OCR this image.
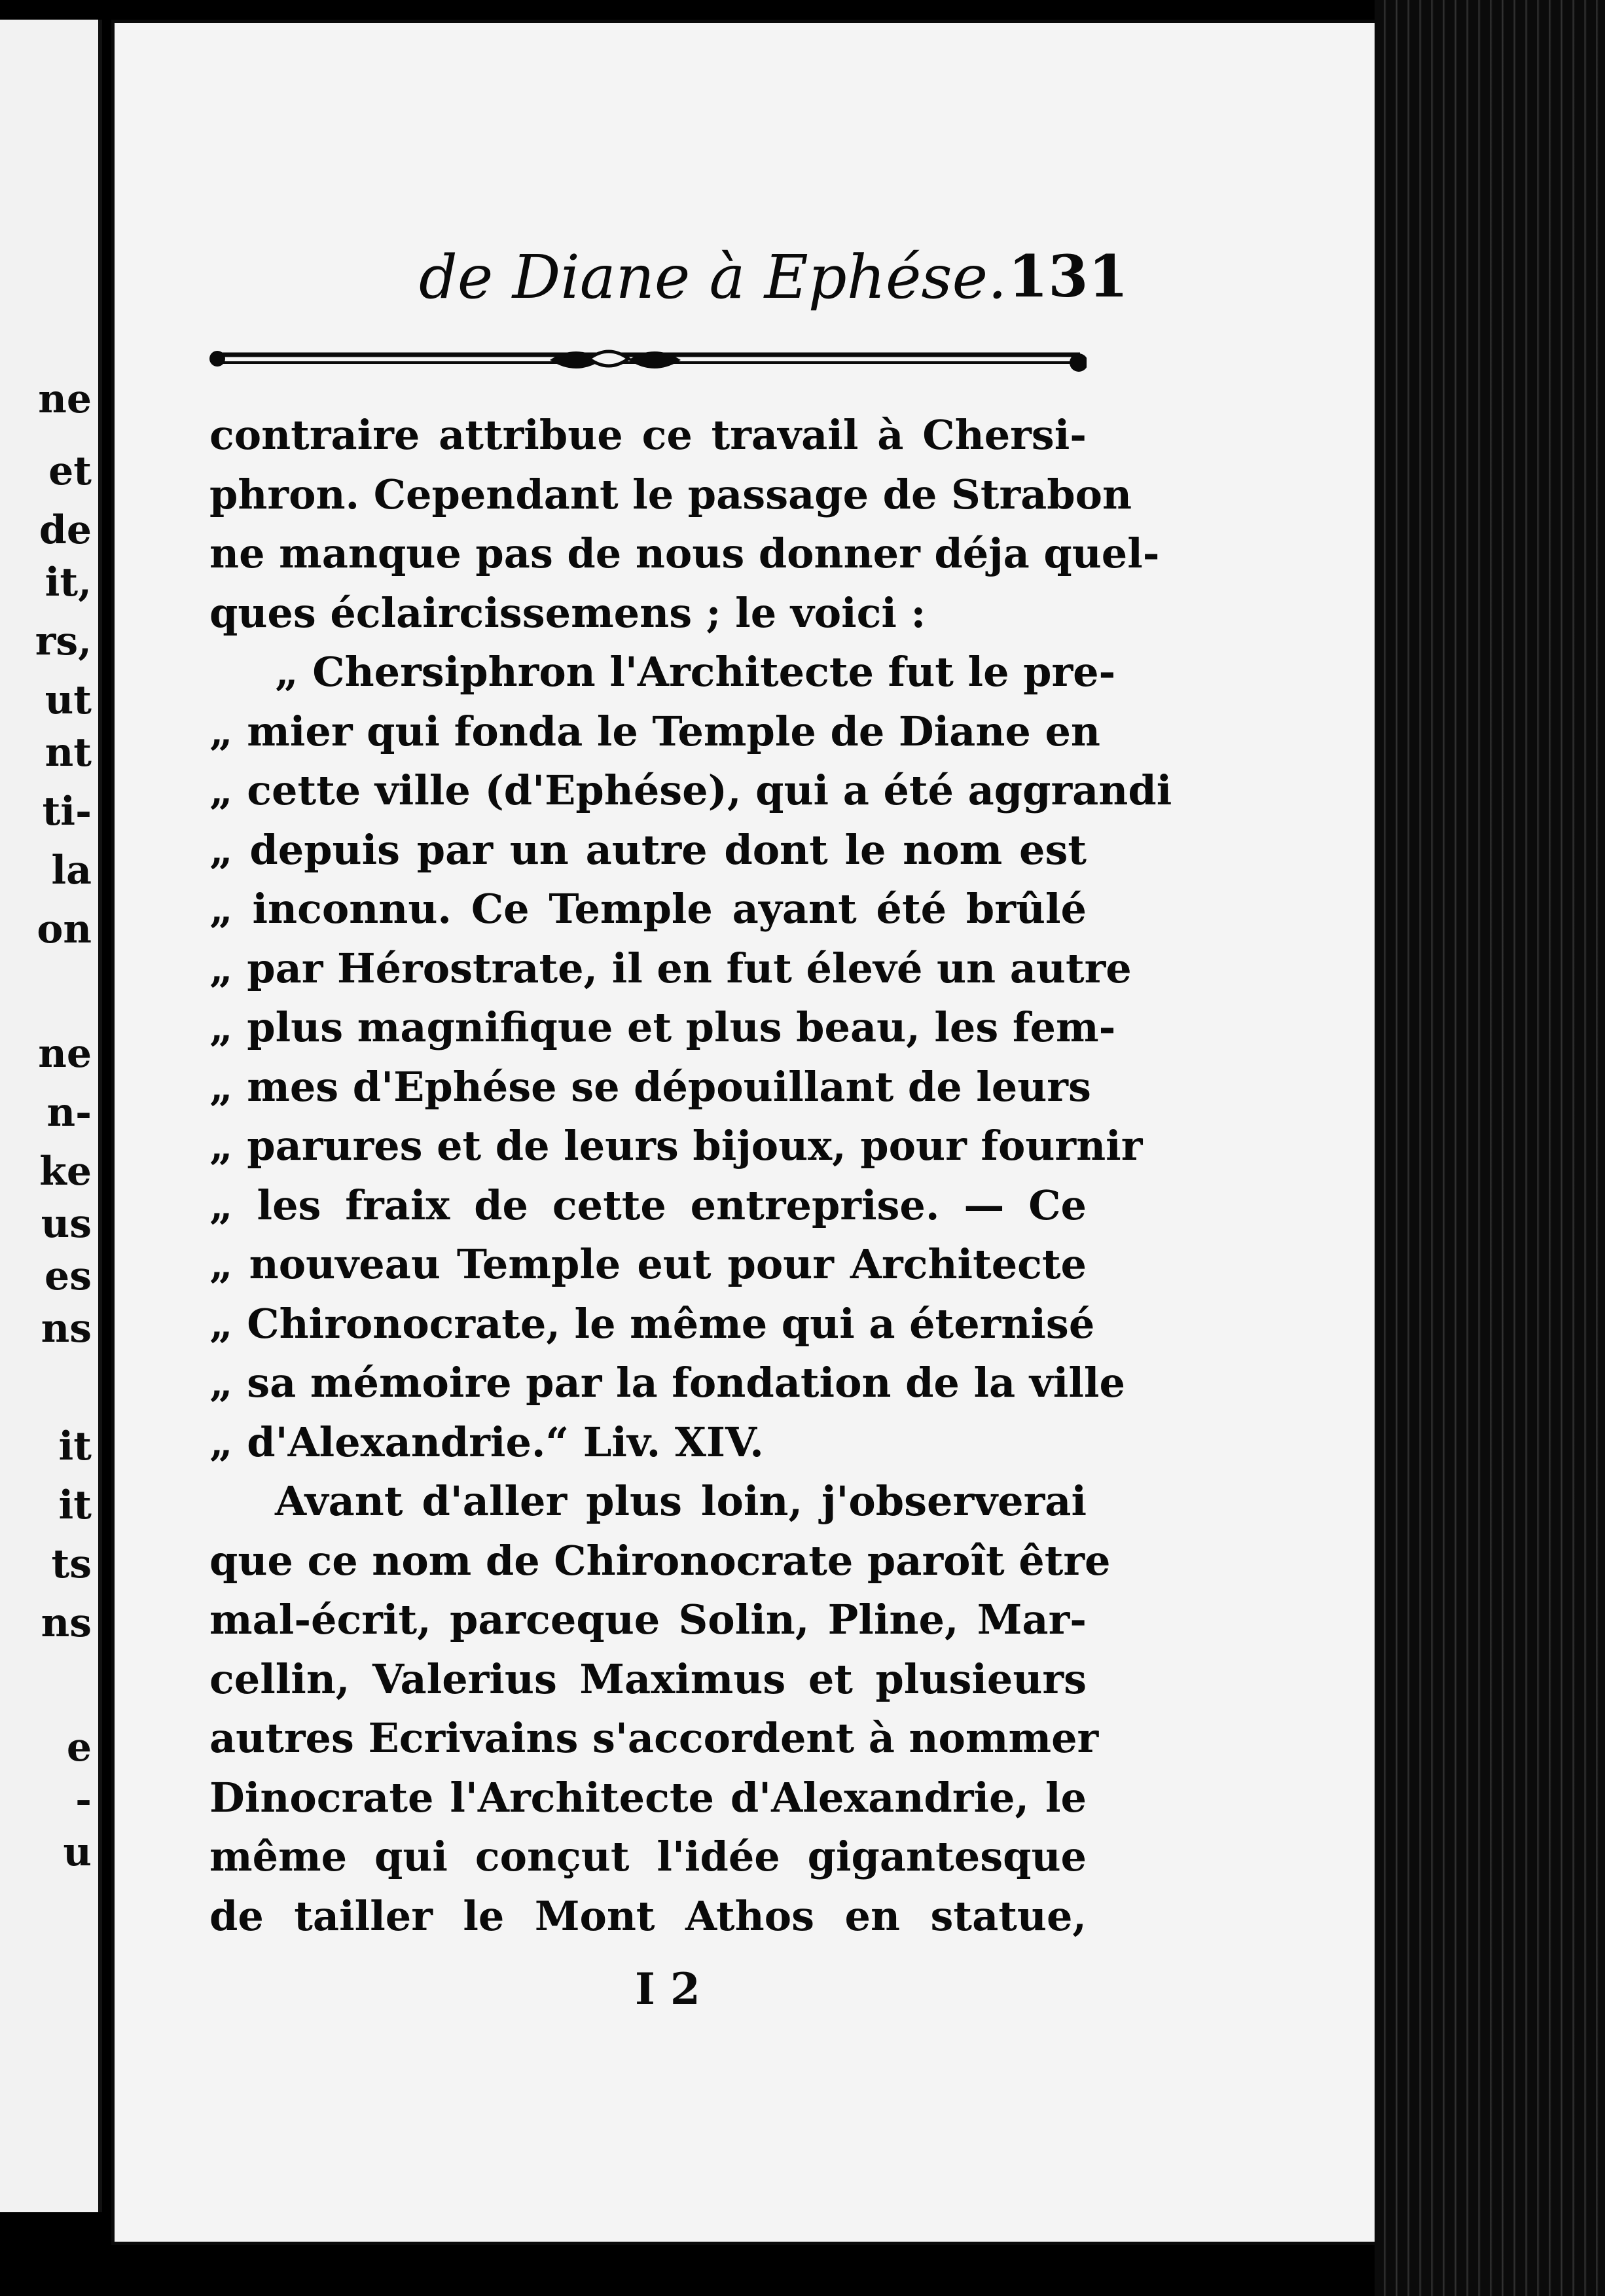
ne
et
de
it,
rs,
ut
nt
ti-
la
on
ne
n-
ke
us
es
ns
it
it
ts
ns
e
-
u
de Diane à Ephése. 131
contraire attribue ce travail à Chersi-
phron. Cependant le passage de Strabon
ne manque pas de nous donner déja quel-
ques éclaircissemens ; le voici :
„ Chersiphron l'Architecte fut le pre-
„ mier qui fonda le Temple de Diane en
„ cette ville (d'Ephése), qui a été aggrandi
„ depuis par un autre dont le nom est
„ inconnu. Ce Temple ayant été brûlé
„ par Hérostrate, il en fut élevé un autre
„ plus magnifique et plus beau, les fem-
„ mes d'Ephése se dépouillant de leurs
„ parures et de leurs bijoux, pour fournir
„ les fraix de cette entreprise. — Ce
„ nouveau Temple eut pour Architecte
„ Chironocrate, le même qui a éternisé
„ sa mémoire par la fondation de la ville
„ d'Alexandrie.“ Liv. XIV.
Avant d'aller plus loin, j'observerai
que ce nom de Chironocrate paroît être
mal-écrit, parceque Solin, Pline, Mar-
cellin, Valerius Maximus et plusieurs
autres Ecrivains s'accordent à nommer
Dinocrate l'Architecte d'Alexandrie, le
même qui conçut l'idée gigantesque
de tailler le Mont Athos en statue,
I 2
